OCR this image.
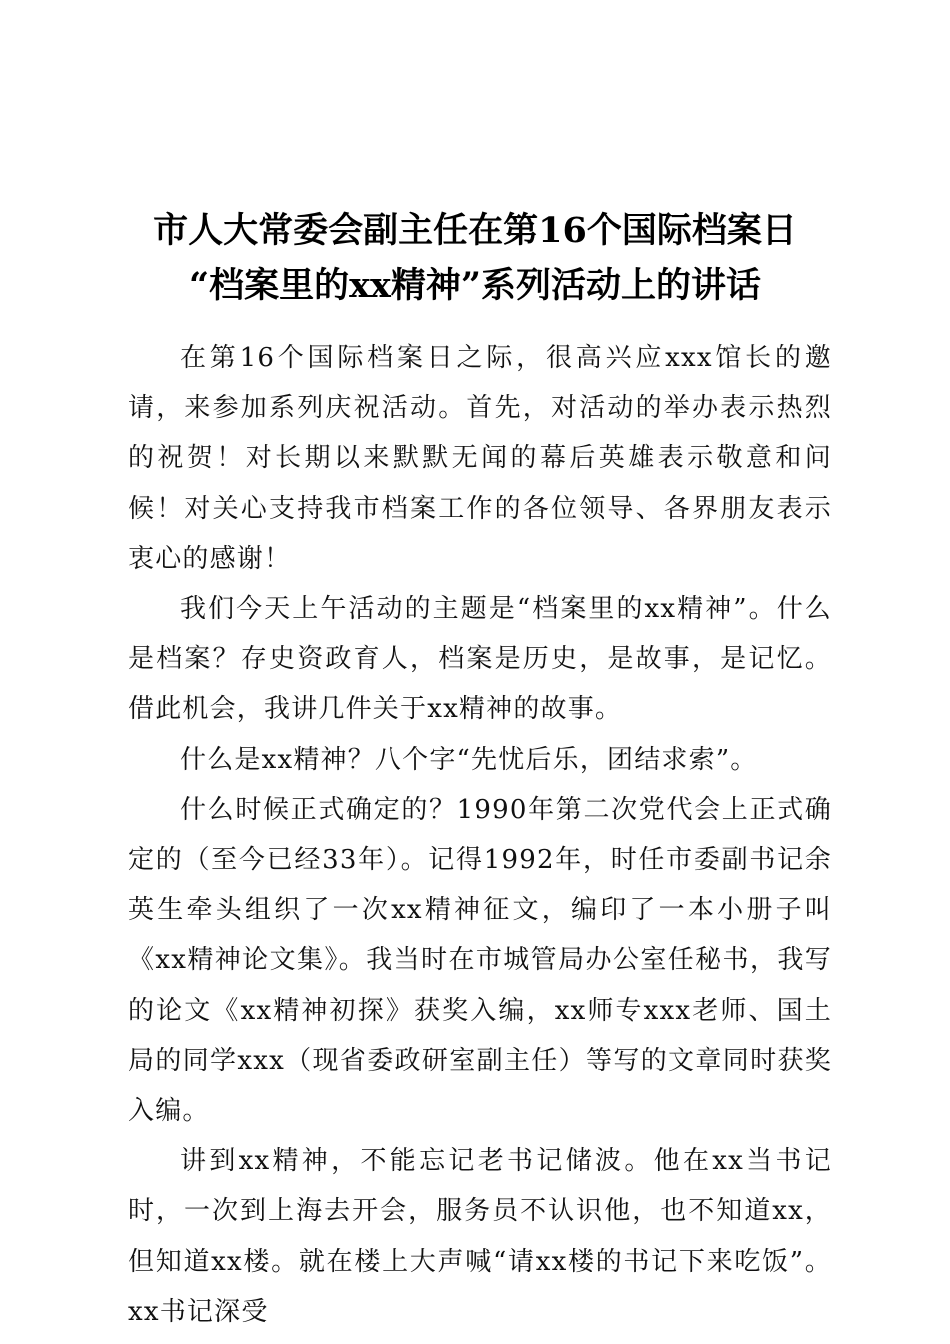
市人大常委会副主任在第16个国际档案日
“档案里的xx精神”系列活动上的讲话

在第16个国际档案日之际，很高兴应xxx馆长的邀请，来参加系列庆祝活动。首先，对活动的举办表示热烈的祝贺！对长期以来默默无闻的幕后英雄表示敬意和问候！对关心支持我市档案工作的各位领导、各界朋友表示衷心的感谢！

我们今天上午活动的主题是“档案里的xx精神”。什么是档案？存史资政育人，档案是历史，是故事，是记忆。借此机会，我讲几件关于xx精神的故事。

什么是xx精神？八个字“先忧后乐，团结求索”。

什么时候正式确定的？1990年第二次党代会上正式确定的（至今已经33年）。记得1992年，时任市委副书记余英生牵头组织了一次xx精神征文，编印了一本小册子叫《xx精神论文集》。我当时在市城管局办公室任秘书，我写的论文《xx精神初探》获奖入编，xx师专xxx老师、国土局的同学xxx（现省委政研室副主任）等写的文章同时获奖入编。

讲到xx精神，不能忘记老书记储波。他在xx当书记时，一次到上海去开会，服务员不认识他，也不知道xx，但知道xx楼。就在楼上大声喊“请xx楼的书记下来吃饭”。xx书记深受
